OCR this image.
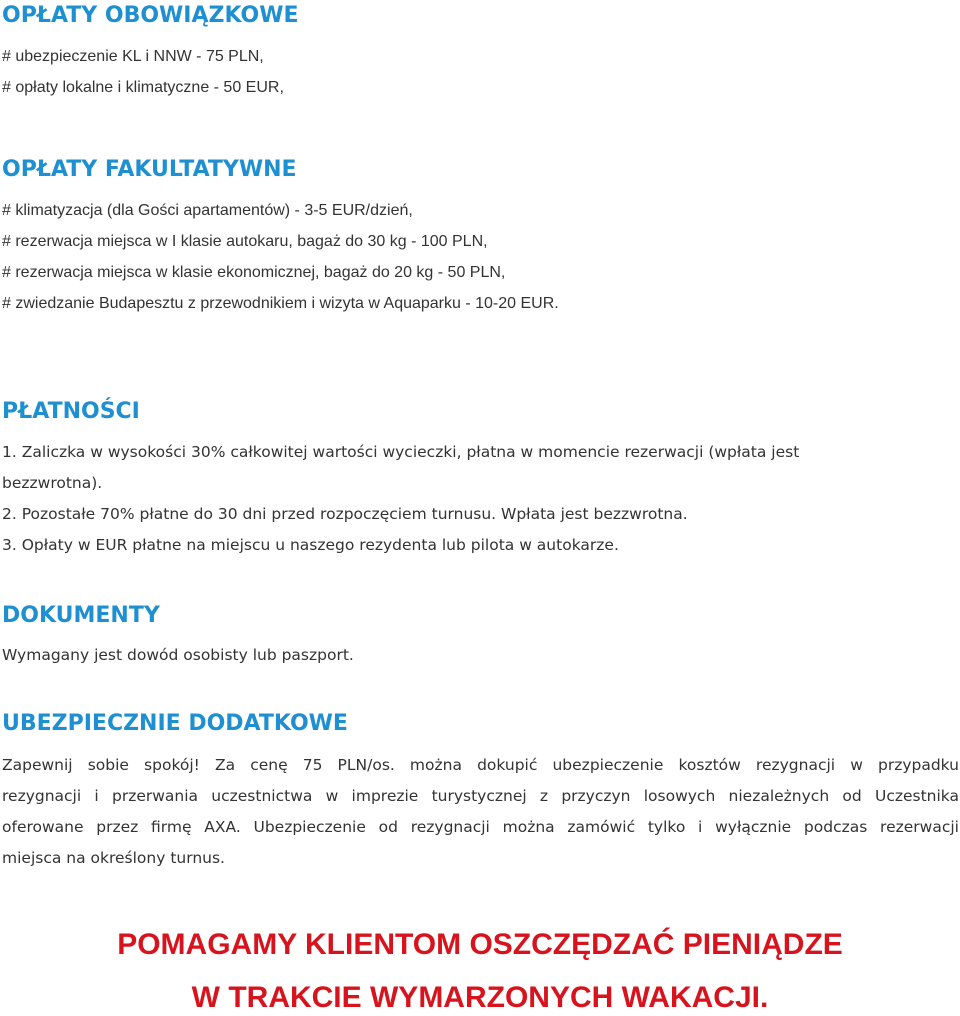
OPŁATY OBOWIĄZKOWE
# ubezpieczenie KL i NNW - 75 PLN,
# opłaty lokalne i klimatyczne - 50 EUR,
OPŁATY FAKULTATYWNE
# klimatyzacja (dla Gości apartamentów) - 3-5 EUR/dzień,
# rezerwacja miejsca w I klasie autokaru, bagaż do 30 kg - 100 PLN,
# rezerwacja miejsca w klasie ekonomicznej, bagaż do 20 kg - 50 PLN,
# zwiedzanie Budapesztu z przewodnikiem i wizyta w Aquaparku - 10-20 EUR.
PŁATNOŚCI
1. Zaliczka w wysokości 30% całkowitej wartości wycieczki, płatna w momencie rezerwacji (wpłata jest
bezzwrotna).
2. Pozostałe 70% płatne do 30 dni przed rozpoczęciem turnusu. Wpłata jest bezzwrotna.
3. Opłaty w EUR płatne na miejscu u naszego rezydenta lub pilota w autokarze.
DOKUMENTY
Wymagany jest dowód osobisty lub paszport.
UBEZPIECZNIE DODATKOWE
Zapewnij sobie spokój! Za cenę 75 PLN/os. można dokupić ubezpieczenie kosztów rezygnacji w przypadku
rezygnacji i przerwania uczestnictwa w imprezie turystycznej z przyczyn losowych niezależnych od Uczestnika
oferowane przez firmę AXA. Ubezpieczenie od rezygnacji można zamówić tylko i wyłącznie podczas rezerwacji
miejsca na określony turnus.
POMAGAMY KLIENTOM OSZCZĘDZAĆ PIENIĄDZE
W TRAKCIE WYMARZONYCH WAKACJI.
